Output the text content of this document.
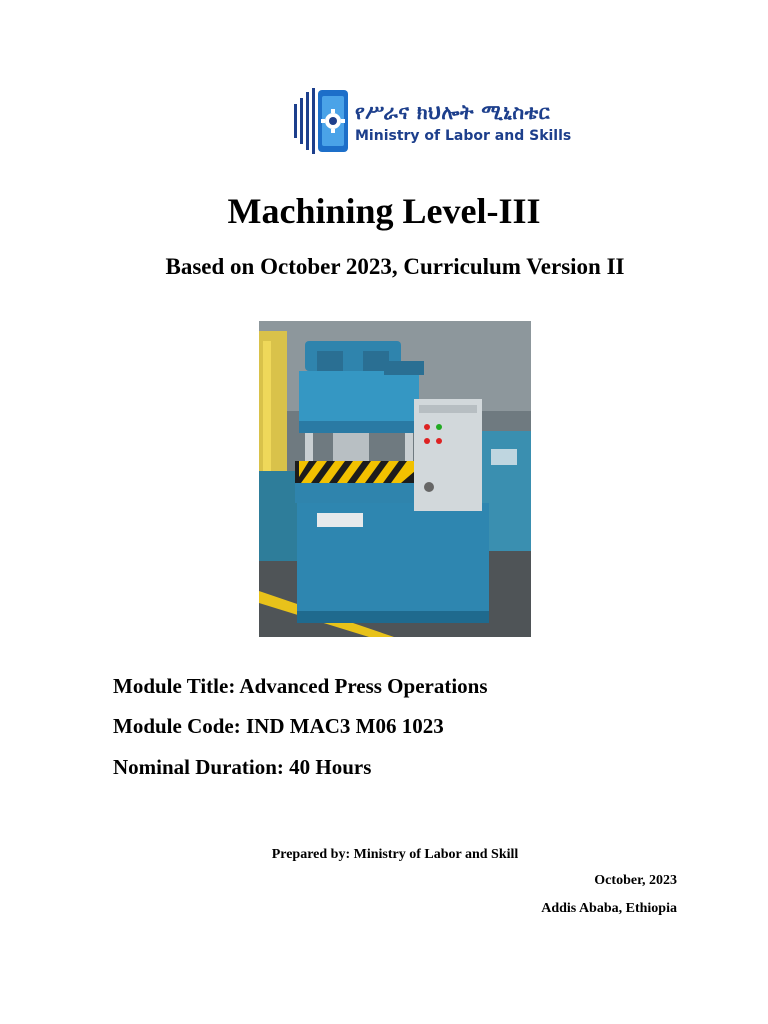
የሥራና ክህሎት ሚኒስቴር
Ministry of Labor and Skills
Machining Level-III
Based on October 2023, Curriculum Version II
Module Title: Advanced Press Operations
Module Code: IND MAC3 M06 1023
Nominal Duration: 40 Hours
Prepared by: Ministry of Labor and Skill
October, 2023
Addis Ababa, Ethiopia
